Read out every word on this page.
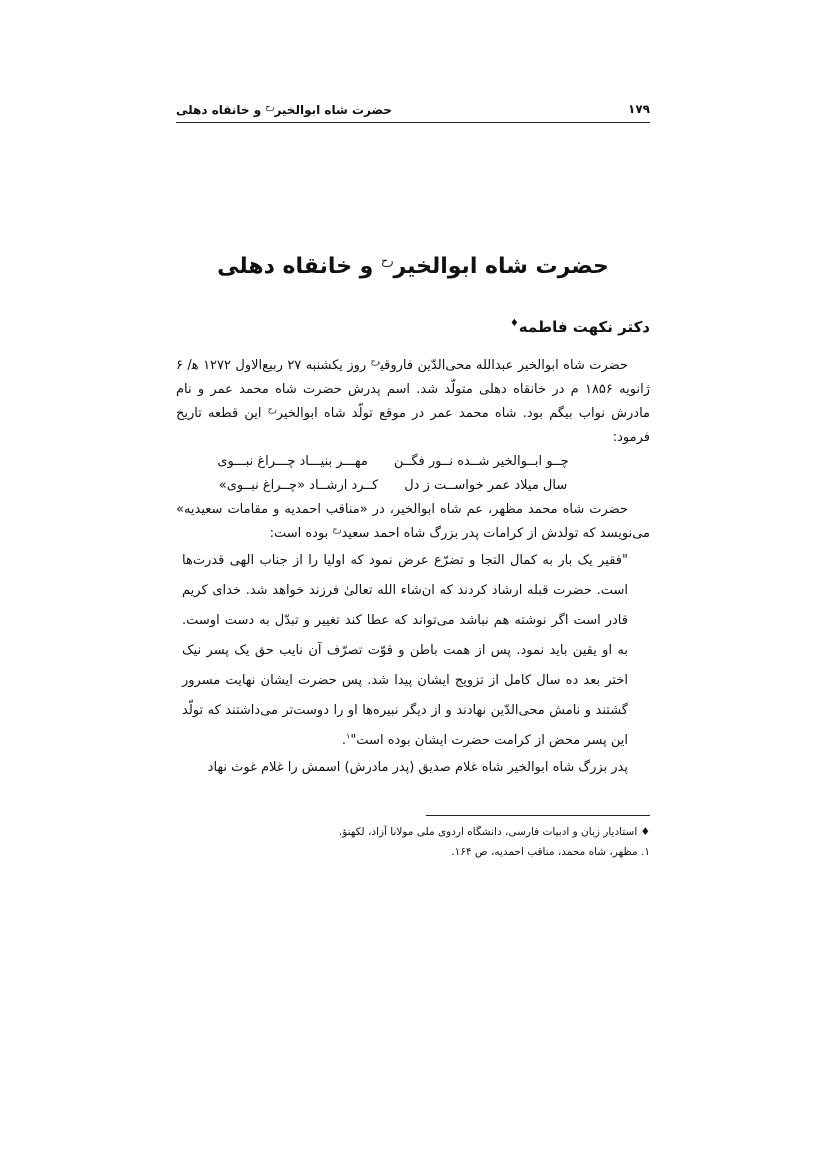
۱۷۹
حضرت شاه ابوالخیر$^{رح}$ و خانقاه دهلی
حضرت شاه ابوالخیر$^{رح}$ و خانقاه دهلی
دکتر نکهت فاطمه♦

حضرت شاه ابوالخیر عبدالله محی‌الدّین فاروقی$^{رح}$ روز یکشنبه ۲۷ ربیع‌الاول ۱۲۷۲ ه‍/ ۶ ژانویه ۱۸۵۶ م در خانقاه دهلی متولّد شد. اسم پدرش حضرت شاه محمد عمر و نام مادرش نواب بیگم بود. شاه محمد عمر در موقع تولّد شاه ابوالخیر$^{رح}$ این قطعه تاریخ فرمود:

چــو ابــوالخیر شــده نــور فگــن
مهـــر بنیـــاد چـــراغ نبـــوی
سال میلاد عمر خواســت ز دل
کــرد ارشــاد «چــراغ نبــوی»

حضرت شاه محمد مظهر، عم شاه ابوالخیر، در «مناقب احمدیه و مقامات سعیدیه» می‌نویسد که تولدش از کرامات پدر بزرگ شاه احمد سعید$^{رح}$ بوده است:

"فقیر یک بار به کمال التجا و تضرّع عرض نمود که اولیا را از جناب الهی قدرت‌ها است. حضرت قبله ارشاد کردند که ان‌شاء الله تعالی فرزند خواهد شد. خدای کریم قادر است اگر نوشته هم نباشد می‌تواند که عطا کند تغییر و تبدّل به دست اوست. به او یقین باید نمود. پس از همت باطن و قوّت تصرّف آن نایب حق یک پسر نیک اختر بعد ده سال کامل از تزویج ایشان پیدا شد. پس حضرت ایشان نهایت مسرور گشتند و نامش محی‌الدّین نهادند و از دیگر نبیره‌ها او را دوست‌تر می‌داشتند که تولّد این پسر محض از کرامت حضرت ایشان بوده است"$^۱$.

پدر بزرگ شاه ابوالخیر شاه غلام صدیق (پدر مادرش) اسمش را غلام غوث نهاد

♦ استادیار زبان و ادبیات فارسی، دانشگاه اردوی ملی مولانا آزاد، لکهنؤ.
۱. مظهر، شاه محمد، مناقب احمدیه، ص ۱۶۴.
